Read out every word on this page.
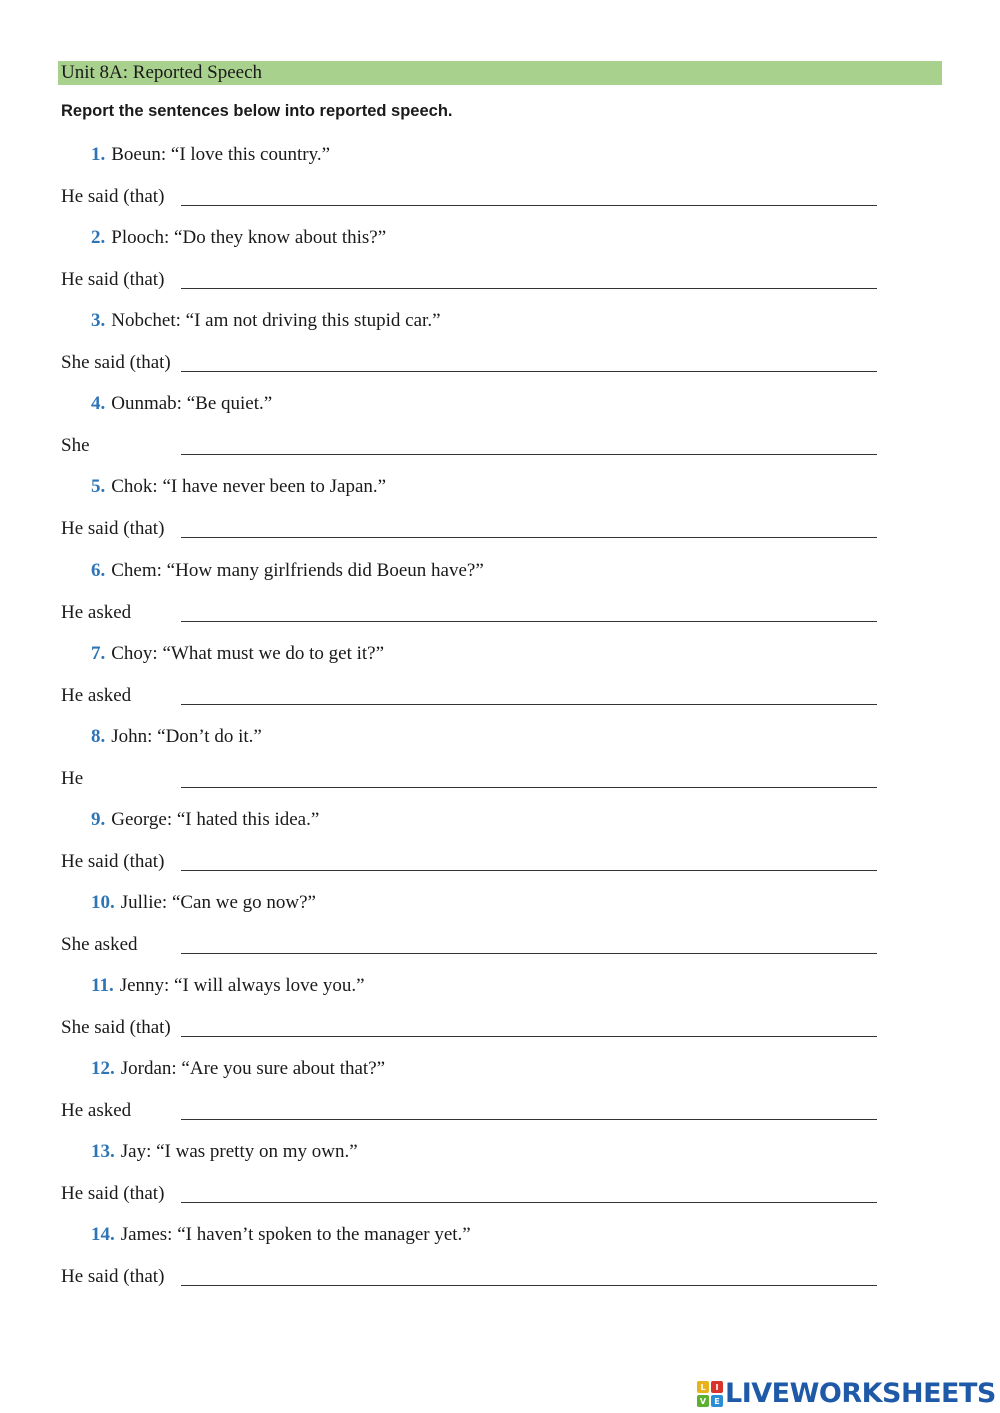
Unit 8A: Reported Speech
Report the sentences below into reported speech.
1. Boeun: “I love this country.”
He said (that)
2. Plooch: “Do they know about this?”
He said (that)
3. Nobchet: “I am not driving this stupid car.”
She said (that)
4. Ounmab: “Be quiet.”
She
5. Chok: “I have never been to Japan.”
He said (that)
6. Chem: “How many girlfriends did Boeun have?”
He asked
7. Choy: “What must we do to get it?”
He asked
8. John: “Don’t do it.”
He
9. George: “I hated this idea.”
He said (that)
10. Jullie: “Can we go now?”
She asked
11. Jenny: “I will always love you.”
She said (that)
12. Jordan: “Are you sure about that?”
He asked
13. Jay: “I was pretty on my own.”
He said (that)
14. James: “I haven’t spoken to the manager yet.”
He said (that)
L	I
V	E LIVEWORKSHEETS
